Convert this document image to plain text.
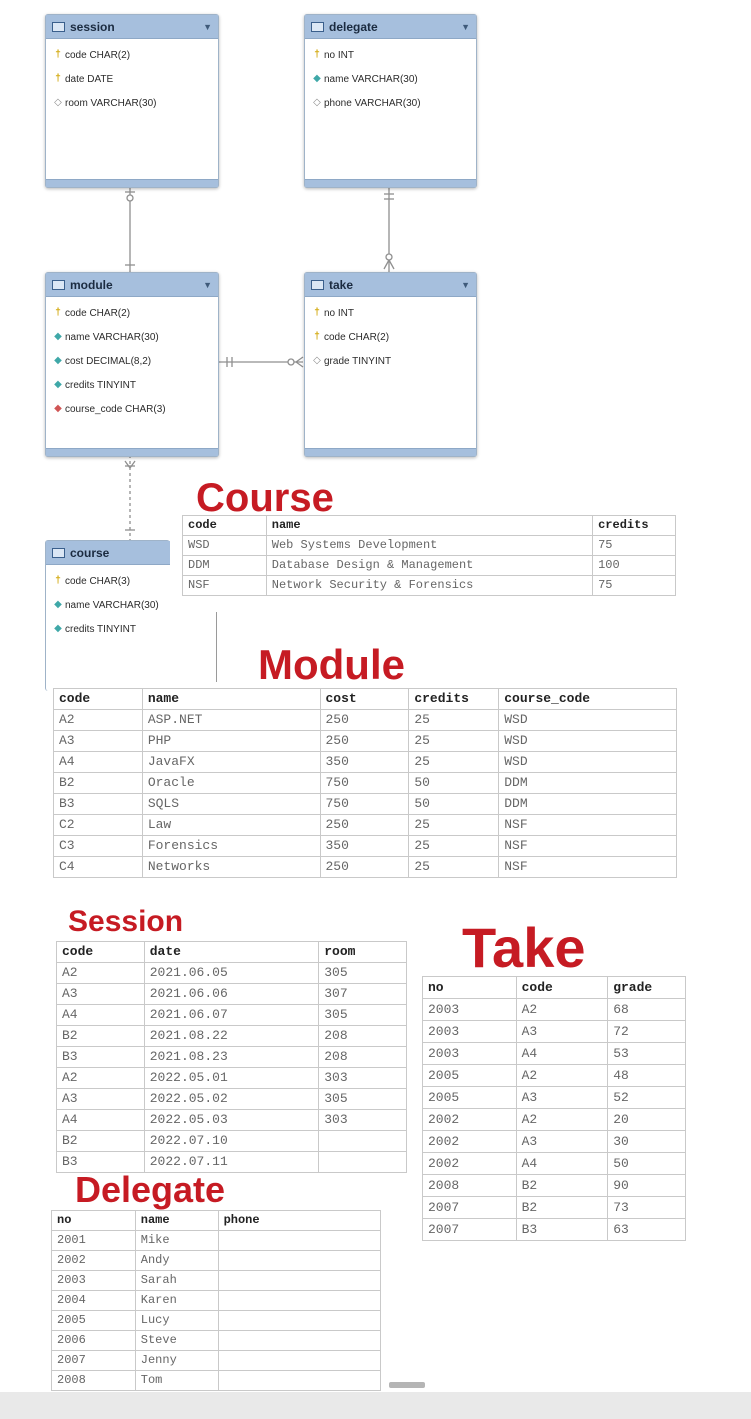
session	▼
† code CHAR(2)
† date DATE
◇ room VARCHAR(30)
delegate	▼
† no INT
◆ name VARCHAR(30)
◇ phone VARCHAR(30)
module	▼
† code CHAR(2)
◆ name VARCHAR(30)
◆ cost DECIMAL(8,2)
◆ credits TINYINT
◆ course_code CHAR(3)
take	▼
† no INT
† code CHAR(2)
◇ grade TINYINT
course
† code CHAR(3)
◆ name VARCHAR(30)
◆ credits TINYINT
Course
Module
Session	Take
code	name	credits
WSD	Web Systems Development	75
DDM	Database Design & Management	100
NSF	Network Security & Forensics	75
code	name	cost	credits	course_code
A2	ASP.NET	250	25	WSD
A3	PHP	250	25	WSD
A4	JavaFX	350	25	WSD
B2	Oracle	750	50	DDM
B3	SQLS	750	50	DDM
C2	Law	250	25	NSF
C3	Forensics	350	25	NSF
C4	Networks	250	25	NSF
code	date	room
A2	2021.06.05	305
A3	2021.06.06	307
A4	2021.06.07	305
B2	2021.08.22	208
B3	2021.08.23	208
A2	2022.05.01	303
A3	2022.05.02	305
A4	2022.05.03	303
B2	2022.07.10	
B3	2022.07.11	
no	code	grade
2003	A2	68
2003	A3	72
2003	A4	53
2005	A2	48
2005	A3	52
2002	A2	20
2002	A3	30
2002	A4	50
2008	B2	90
2007	B2	73
2007	B3	63
no	name	phone
2001	Mike	
2002	Andy	
2003	Sarah	
2004	Karen	
2005	Lucy	
2006	Steve	
2007	Jenny	
2008	Tom	
Delegate
